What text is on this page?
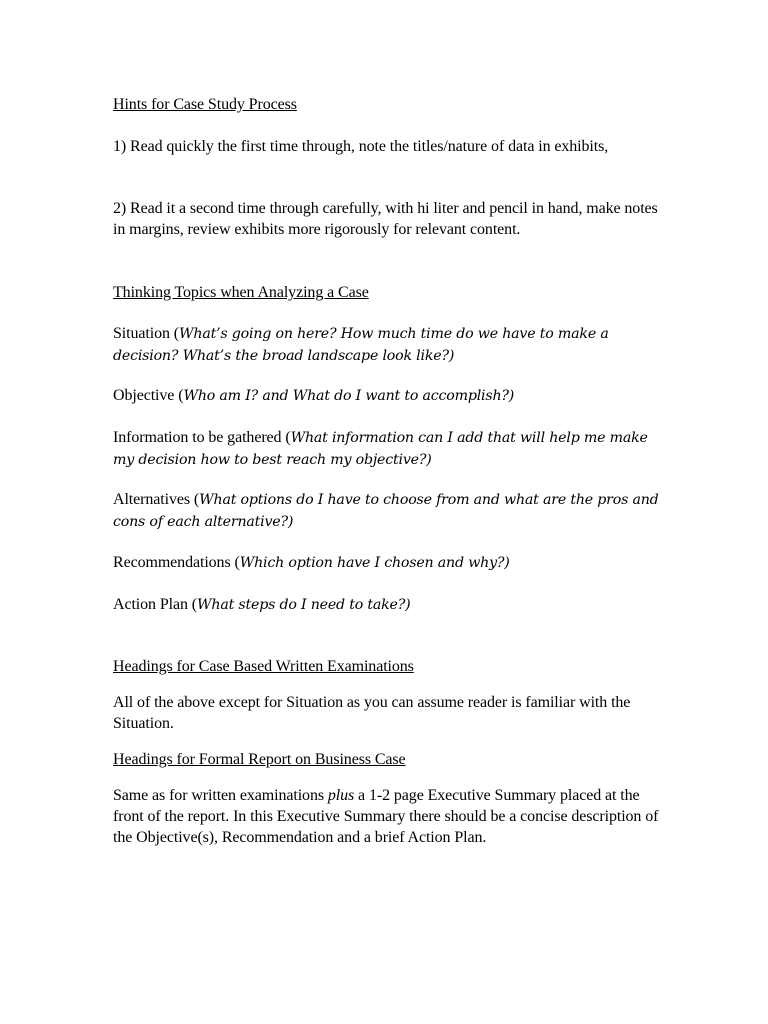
Hints for Case Study Process

1) Read quickly the first time through, note the titles/nature of data in exhibits,

2) Read it a second time through carefully, with hi liter and pencil in hand, make notes in margins, review exhibits more rigorously for relevant content.

Thinking Topics when Analyzing a Case

Situation (What’s going on here? How much time do we have to make a decision? What’s the broad landscape look like?)

Objective (Who am I? and What do I want to accomplish?)

Information to be gathered (What information can I add that will help me make my decision how to best reach my objective?)

Alternatives (What options do I have to choose from and what are the pros and cons of each alternative?)

Recommendations (Which option have I chosen and why?)

Action Plan (What steps do I need to take?)

Headings for Case Based Written Examinations

All of the above except for Situation as you can assume reader is familiar with the Situation.

Headings for Formal Report on Business Case

Same as for written examinations plus a 1-2 page Executive Summary placed at the front of the report. In this Executive Summary there should be a concise description of the Objective(s), Recommendation and a brief Action Plan.
